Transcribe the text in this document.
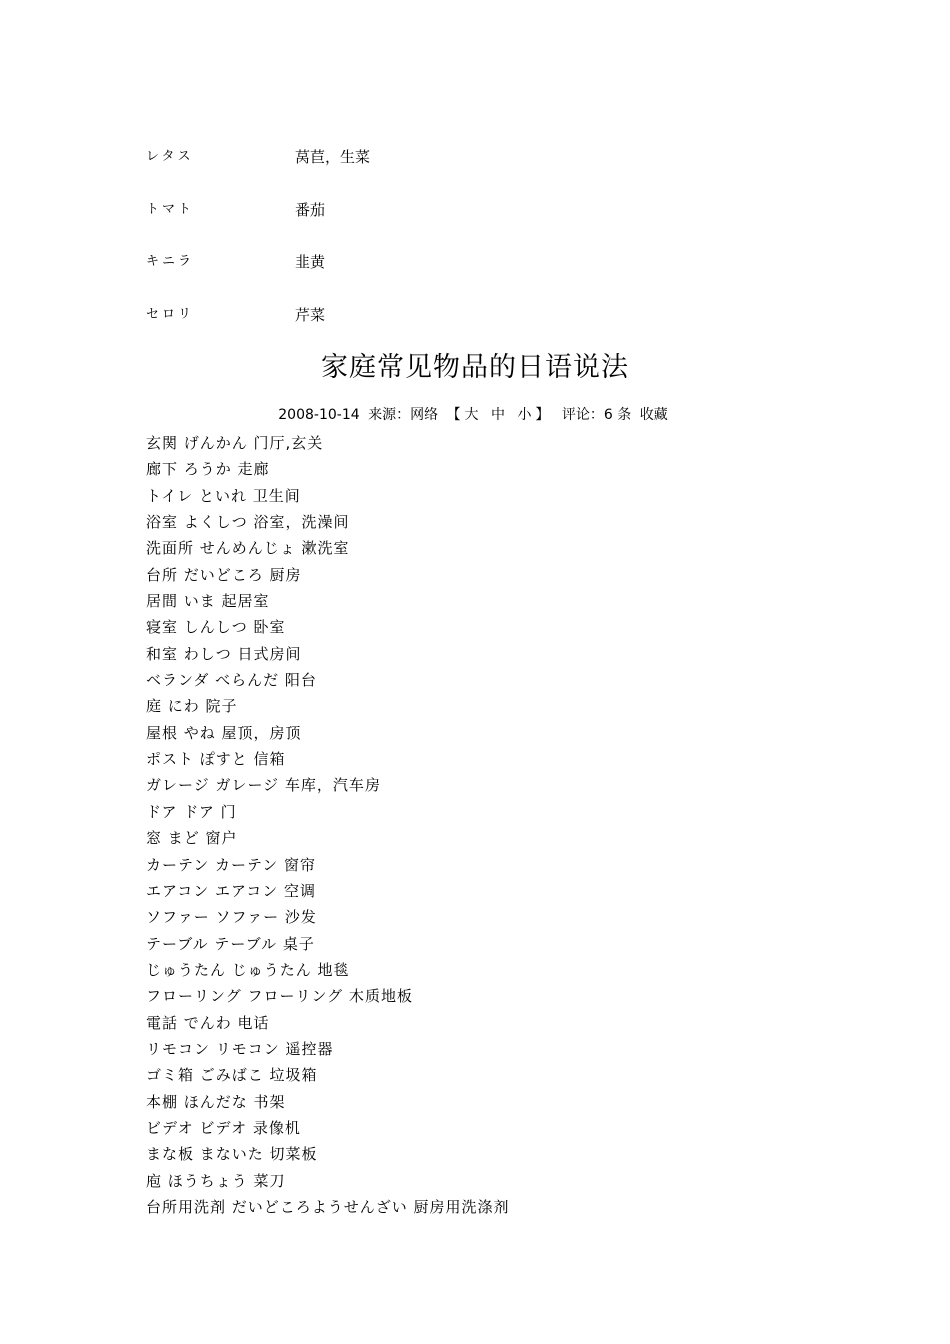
レタス	莴苣，生菜
トマト	番茄
キニラ	韭黄
セロリ	芹菜
家庭常见物品的日语说法
2008-10-14 来源：网络 【大 中 小】 评论：6 条 收藏
玄関 げんかん 门厅,玄关
廊下 ろうか 走廊
トイレ といれ 卫生间
浴室 よくしつ 浴室，洗澡间
洗面所 せんめんじょ 漱洗室
台所 だいどころ 厨房
居間 いま 起居室
寝室 しんしつ 卧室
和室 わしつ 日式房间
ベランダ べらんだ 阳台
庭 にわ 院子
屋根 やね 屋顶，房顶
ポスト ぽすと 信箱
ガレージ ガレージ 车库，汽车房
ドア ドア 门
窓 まど 窗户
カーテン カーテン 窗帘
エアコン エアコン 空调
ソファー ソファー 沙发
テーブル テーブル 桌子
じゅうたん じゅうたん 地毯
フローリング フローリング 木质地板
電話 でんわ 电话
リモコン リモコン 遥控器
ゴミ箱 ごみばこ 垃圾箱
本棚 ほんだな 书架
ビデオ ビデオ 录像机
まな板 まないた 切菜板
庖 ほうちょう 菜刀
台所用洗剤 だいどころようせんざい 厨房用洗涤剂
